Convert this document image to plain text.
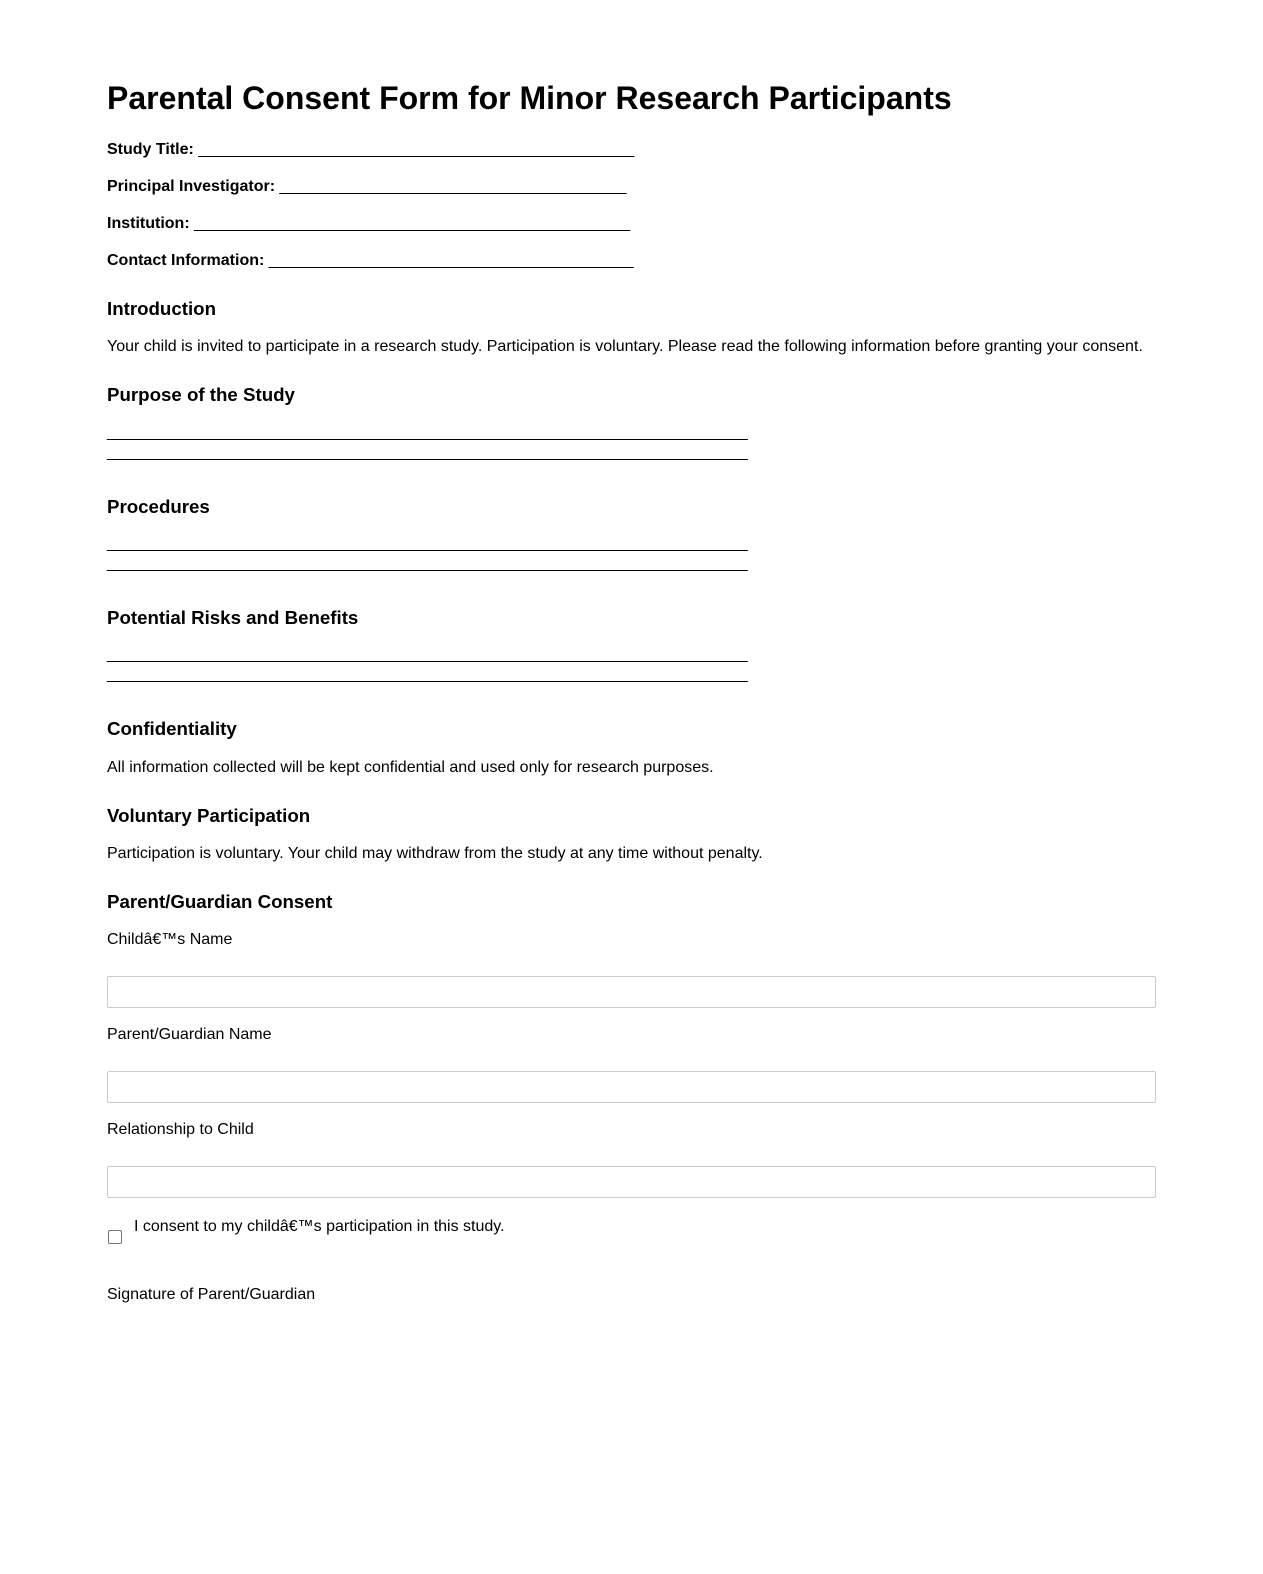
Parental Consent Form for Minor Research Participants

Study Title: _________________________________________________

Principal Investigator: _______________________________________

Institution: _________________________________________________

Contact Information: _________________________________________

Introduction

Your child is invited to participate in a research study. Participation is voluntary. Please read the following information before granting your consent.

Purpose of the Study
________________________________________________________________________
________________________________________________________________________
Procedures
________________________________________________________________________
________________________________________________________________________
Potential Risks and Benefits
________________________________________________________________________
________________________________________________________________________
Confidentiality

All information collected will be kept confidential and used only for research purposes.

Voluntary Participation

Participation is voluntary. Your child may withdraw from the study at any time without penalty.

Parent/Guardian Consent

Childâ€™s Name

Parent/Guardian Name

Relationship to Child

I consent to my childâ€™s participation in this study.

Signature of Parent/Guardian
